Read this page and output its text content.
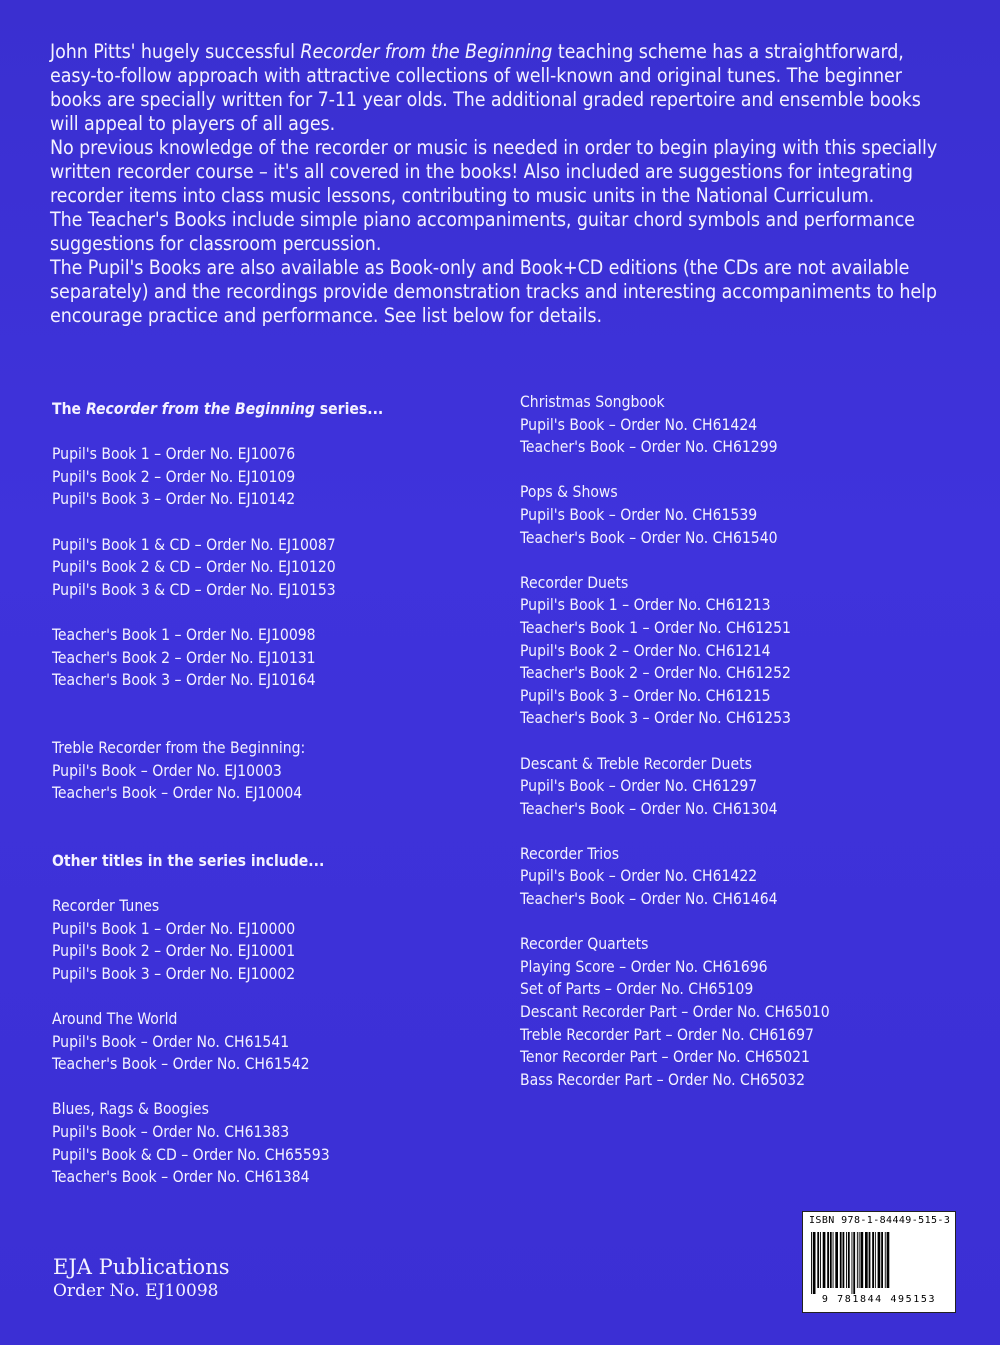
John Pitts' hugely successful Recorder from the Beginning teaching scheme has a straightforward, easy-to-follow approach with attractive collections of well-known and original tunes. The beginner books are specially written for 7-11 year olds. The additional graded repertoire and ensemble books will appeal to players of all ages.

No previous knowledge of the recorder or music is needed in order to begin playing with this specially written recorder course – it's all covered in the books! Also included are suggestions for integrating recorder items into class music lessons, contributing to music units in the National Curriculum.

The Teacher's Books include simple piano accompaniments, guitar chord symbols and performance suggestions for classroom percussion.

The Pupil's Books are also available as Book-only and Book+CD editions (the CDs are not available separately) and the recordings provide demonstration tracks and interesting accompaniments to help encourage practice and performance. See list below for details.

The Recorder from the Beginning series...
Pupil's Book 1 – Order No. EJ10076
Pupil's Book 2 – Order No. EJ10109
Pupil's Book 3 – Order No. EJ10142
Pupil's Book 1 & CD – Order No. EJ10087
Pupil's Book 2 & CD – Order No. EJ10120
Pupil's Book 3 & CD – Order No. EJ10153
Teacher's Book 1 – Order No. EJ10098
Teacher's Book 2 – Order No. EJ10131
Teacher's Book 3 – Order No. EJ10164
Treble Recorder from the Beginning:
Pupil's Book – Order No. EJ10003
Teacher's Book – Order No. EJ10004
Other titles in the series include...
Recorder Tunes
Pupil's Book 1 – Order No. EJ10000
Pupil's Book 2 – Order No. EJ10001
Pupil's Book 3 – Order No. EJ10002
Around The World
Pupil's Book – Order No. CH61541
Teacher's Book – Order No. CH61542
Blues, Rags & Boogies
Pupil's Book – Order No. CH61383
Pupil's Book & CD – Order No. CH65593
Teacher's Book – Order No. CH61384
Christmas Songbook
Pupil's Book – Order No. CH61424
Teacher's Book – Order No. CH61299
Pops & Shows
Pupil's Book – Order No. CH61539
Teacher's Book – Order No. CH61540
Recorder Duets
Pupil's Book 1 – Order No. CH61213
Teacher's Book 1 – Order No. CH61251
Pupil's Book 2 – Order No. CH61214
Teacher's Book 2 – Order No. CH61252
Pupil's Book 3 – Order No. CH61215
Teacher's Book 3 – Order No. CH61253
Descant & Treble Recorder Duets
Pupil's Book – Order No. CH61297
Teacher's Book – Order No. CH61304
Recorder Trios
Pupil's Book – Order No. CH61422
Teacher's Book – Order No. CH61464
Recorder Quartets
Playing Score – Order No. CH61696
Set of Parts – Order No. CH65109
Descant Recorder Part – Order No. CH65010
Treble Recorder Part – Order No. CH61697
Tenor Recorder Part – Order No. CH65021
Bass Recorder Part – Order No. CH65032
ISBN 978-1-84449-515-3
9 781844 495153
EJA Publications
Order No. EJ10098
